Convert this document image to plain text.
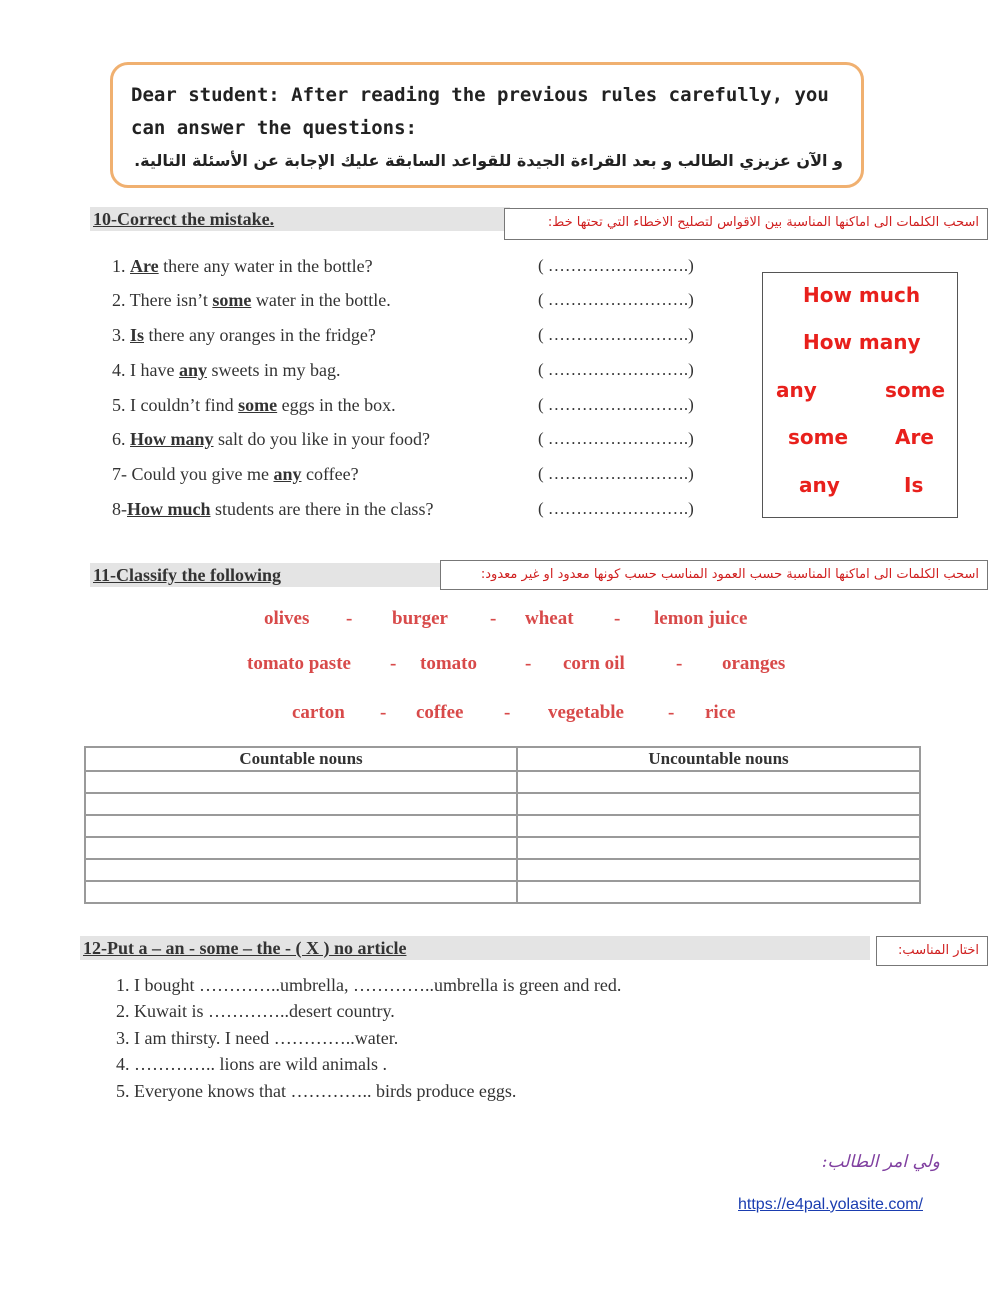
Dear student: After reading the previous rules carefully, you can answer the questions:
و الآن عزيزي الطالب و بعد القراءة الجيدة للقواعد السابقة عليك الإجابة عن الأسئلة التالية.
10-Correct the mistake.	اسحب الكلمات الى اماكنها المناسبة بين الاقواس لتصليح الاخطاء التي تحتها خط:
1. Are there any water in the bottle?	( …………………….)
2. There isn’t some water in the bottle.	( …………………….)
3. Is there any oranges in the fridge?	( …………………….)
4. I have any sweets in my bag.	( …………………….)
5. I couldn’t find some eggs in the box.	( …………………….)
6. How many salt do you like in your food?	( …………………….)
7- Could you give me any coffee?	( …………………….)
8-How much students are there in the class?	( …………………….)
How much
How many
any	some
some Are
any	Is
11-Classify the following	اسحب الكلمات الى اماكنها المناسبة حسب العمود المناسب حسب كونها معدود او غير معدود:
olives - burger - wheat - lemon juice
tomato paste - tomato	- corn oil	- oranges
carton - coffee - vegetable - rice
Countable nouns	Uncountable nouns

12-Put a – an - some – the - ( X ) no article	اختار المناسب:
1. I bought …………..umbrella, …………..umbrella is green and red.
2. Kuwait is …………..desert country.
3. I am thirsty. I need …………..water.
4. ………….. lions are wild animals .
5. Everyone knows that ………….. birds produce eggs.
ولي امر الطالب:
https://e4pal.yolasite.com/
